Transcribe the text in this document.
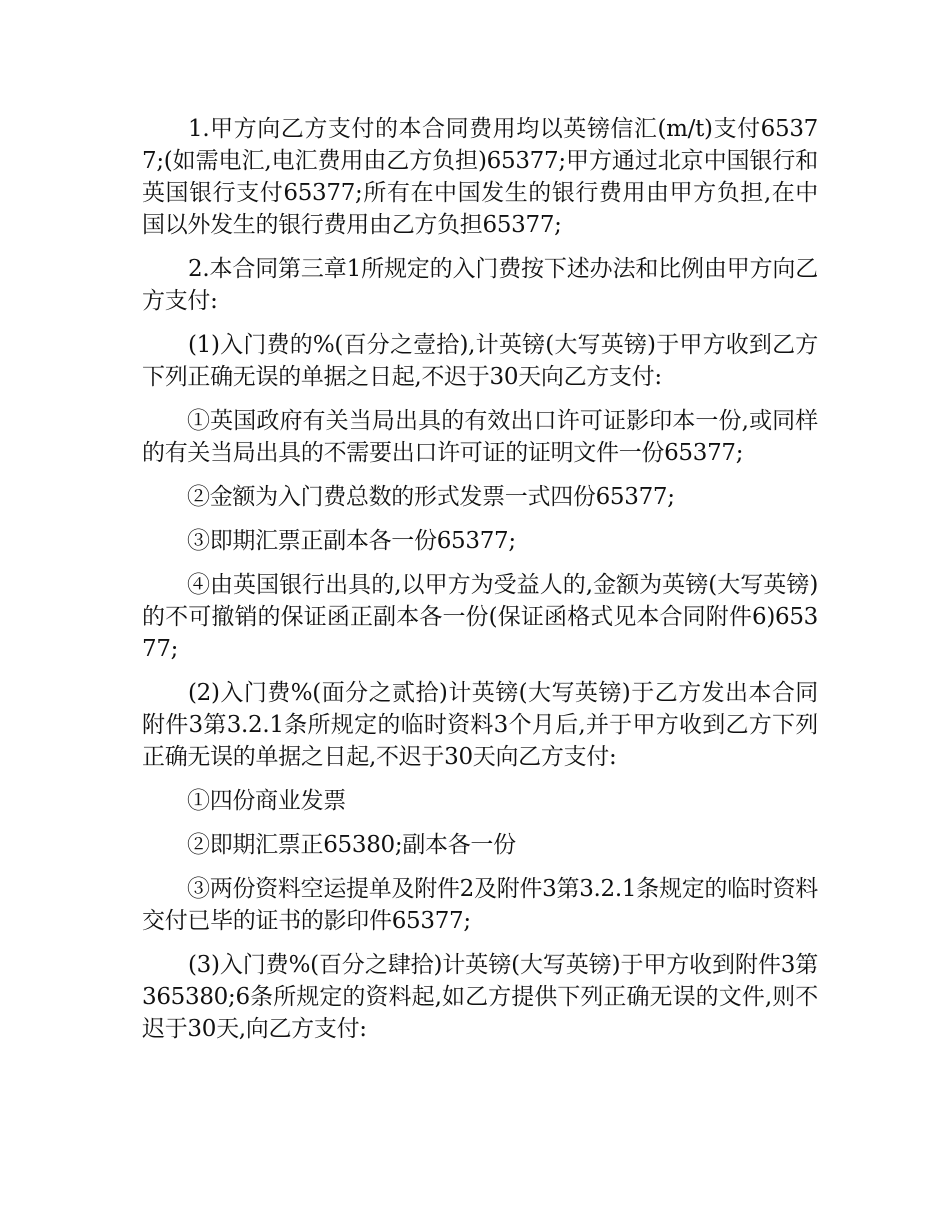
1.甲方向乙方支付的本合同费用均以英镑信汇(m/t)支付65377;(如需电汇,电汇费用由乙方负担)65377;甲方通过北京中国银行和英国银行支付65377;所有在中国发生的银行费用由甲方负担,在中国以外发生的银行费用由乙方负担65377;

2.本合同第三章1所规定的入门费按下述办法和比例由甲方向乙方支付:

(1)入门费的%(百分之壹拾),计英镑(大写英镑)于甲方收到乙方下列正确无误的单据之日起,不迟于30天向乙方支付:

①英国政府有关当局出具的有效出口许可证影印本一份,或同样的有关当局出具的不需要出口许可证的证明文件一份65377;

②金额为入门费总数的形式发票一式四份65377;

③即期汇票正副本各一份65377;

④由英国银行出具的,以甲方为受益人的,金额为英镑(大写英镑)的不可撤销的保证函正副本各一份(保证函格式见本合同附件6)65377;

(2)入门费%(面分之贰拾)计英镑(大写英镑)于乙方发出本合同附件3第3.2.1条所规定的临时资料3个月后,并于甲方收到乙方下列正确无误的单据之日起,不迟于30天向乙方支付:

①四份商业发票

②即期汇票正65380;副本各一份

③两份资料空运提单及附件2及附件3第3.2.1条规定的临时资料交付已毕的证书的影印件65377;

(3)入门费%(百分之肆拾)计英镑(大写英镑)于甲方收到附件3第365380;6条所规定的资料起,如乙方提供下列正确无误的文件,则不迟于30天,向乙方支付:
